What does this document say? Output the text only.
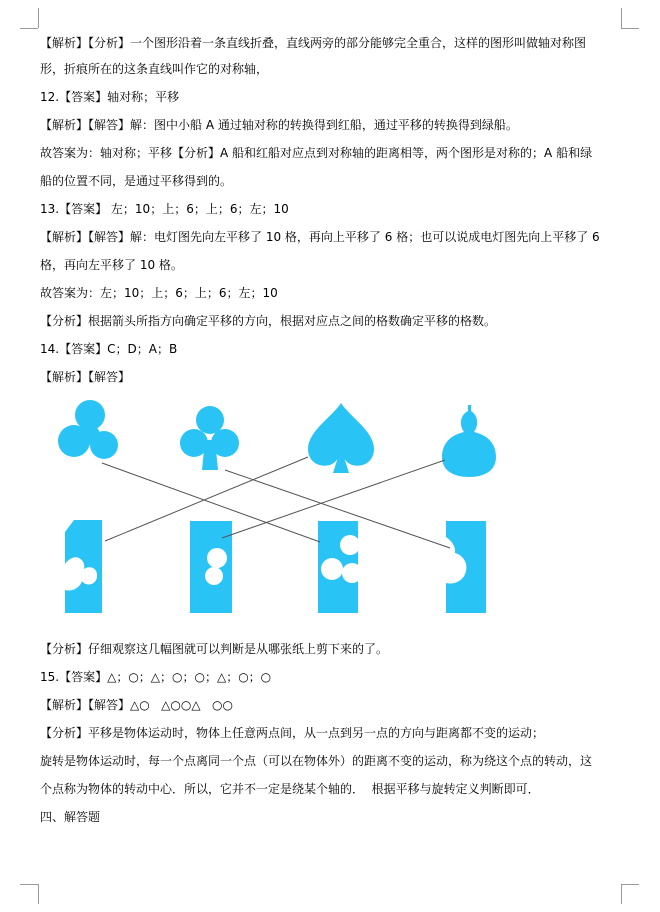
【解析】【分析】一个图形沿着一条直线折叠，直线两旁的部分能够完全重合，这样的图形叫做轴对称图
形，折痕所在的这条直线叫作它的对称轴，
12.【答案】轴对称；平移
【解析】【解答】解：图中小船 A 通过轴对称的转换得到红船，通过平移的转换得到绿船。
故答案为：轴对称；平移【分析】A 船和红船对应点到对称轴的距离相等，两个图形是对称的；A 船和绿
船的位置不同，是通过平移得到的。
13.【答案】 左；10；上；6；上；6；左；10
【解析】【解答】解：电灯图先向左平移了 10 格，再向上平移了 6 格；也可以说成电灯图先向上平移了 6
格，再向左平移了 10 格。
故答案为：左；10；上；6；上；6；左；10
【分析】根据箭头所指方向确定平移的方向，根据对应点之间的格数确定平移的格数。
14.【答案】C；D；A；B
【解析】【解答】
【分析】仔细观察这几幅图就可以判断是从哪张纸上剪下来的了。
15.【答案】△；○；△；○；○；△；○；○
【解析】【解答】△○   △○○△   ○○
【分析】平移是物体运动时，物体上任意两点间，从一点到另一点的方向与距离都不变的运动；
旋转是物体运动时，每一个点离同一个点（可以在物体外）的距离不变的运动，称为绕这个点的转动，这
个点称为物体的转动中心．所以，它并不一定是绕某个轴的．  根据平移与旋转定义判断即可．
四、解答题
